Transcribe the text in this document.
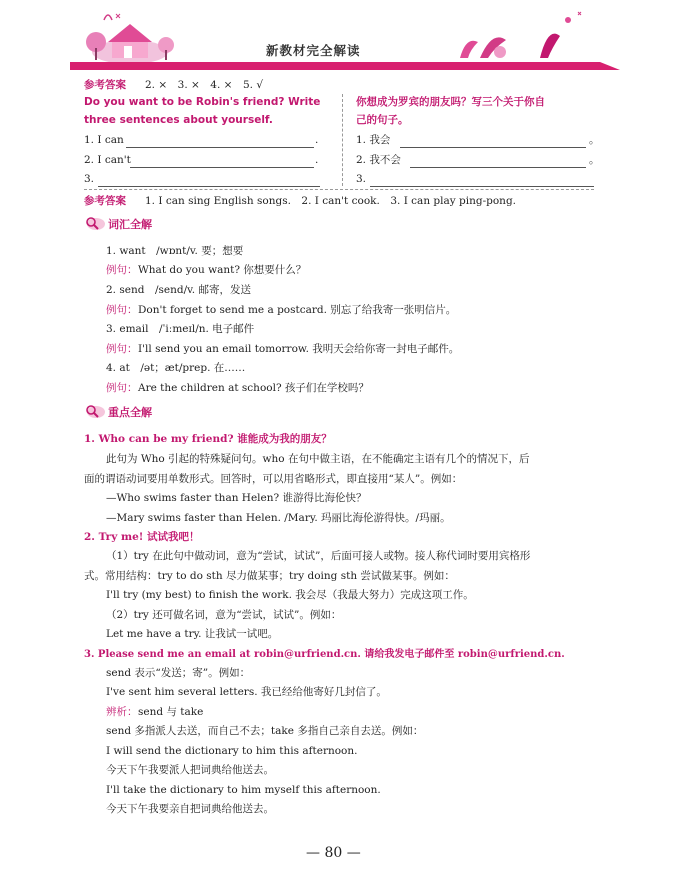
新教材完全解读
参考答案 2. ×　3. ×　4. ×　5. √
Do you want to be Robin's friend? Write
three sentences about yourself.
1. I can	.
2. I can't	.
3.
你想成为罗宾的朋友吗？写三个关于你自
己的句子。
1. 我会	。
2. 我不会	。
3.
参考答案 1. I can sing English songs.　2. I can't cook.　3. I can play ping-pong.
词汇全解
1. want　/wɒnt/v. 要；想要
例句： What do you want? 你想要什么？
2. send　/send/v. 邮寄，发送
例句： Don't forget to send me a postcard. 别忘了给我寄一张明信片。
3. email　/ˈiːmeɪl/n. 电子邮件
例句： I'll send you an email tomorrow. 我明天会给你寄一封电子邮件。
4. at　/ət；æt/prep. 在……
例句： Are the children at school? 孩子们在学校吗？
重点全解
1. Who can be my friend? 谁能成为我的朋友？
此句为 Who 引起的特殊疑问句。who 在句中做主语，在不能确定主语有几个的情况下，后
面的谓语动词要用单数形式。回答时，可以用省略形式，即直接用“某人”。例如：
—Who swims faster than Helen? 谁游得比海伦快？
—Mary swims faster than Helen. /Mary. 玛丽比海伦游得快。/玛丽。
2. Try me! 试试我吧！
（1）try 在此句中做动词，意为“尝试，试试”，后面可接人或物。接人称代词时要用宾格形
式。常用结构：try to do sth 尽力做某事；try doing sth 尝试做某事。例如：
I'll try (my best) to finish the work. 我会尽（我最大努力）完成这项工作。
（2）try 还可做名词，意为“尝试，试试”。例如：
Let me have a try. 让我试一试吧。
3. Please send me an email at robin@urfriend.cn. 请给我发电子邮件至 robin@urfriend.cn.
send 表示“发送；寄”。例如：
I've sent him several letters. 我已经给他寄好几封信了。
辨析： send 与 take
send 多指派人去送，而自己不去；take 多指自己亲自去送。例如：
I will send the dictionary to him this afternoon.
今天下午我要派人把词典给他送去。
I'll take the dictionary to him myself this afternoon.
今天下午我要亲自把词典给他送去。
— 80 —
